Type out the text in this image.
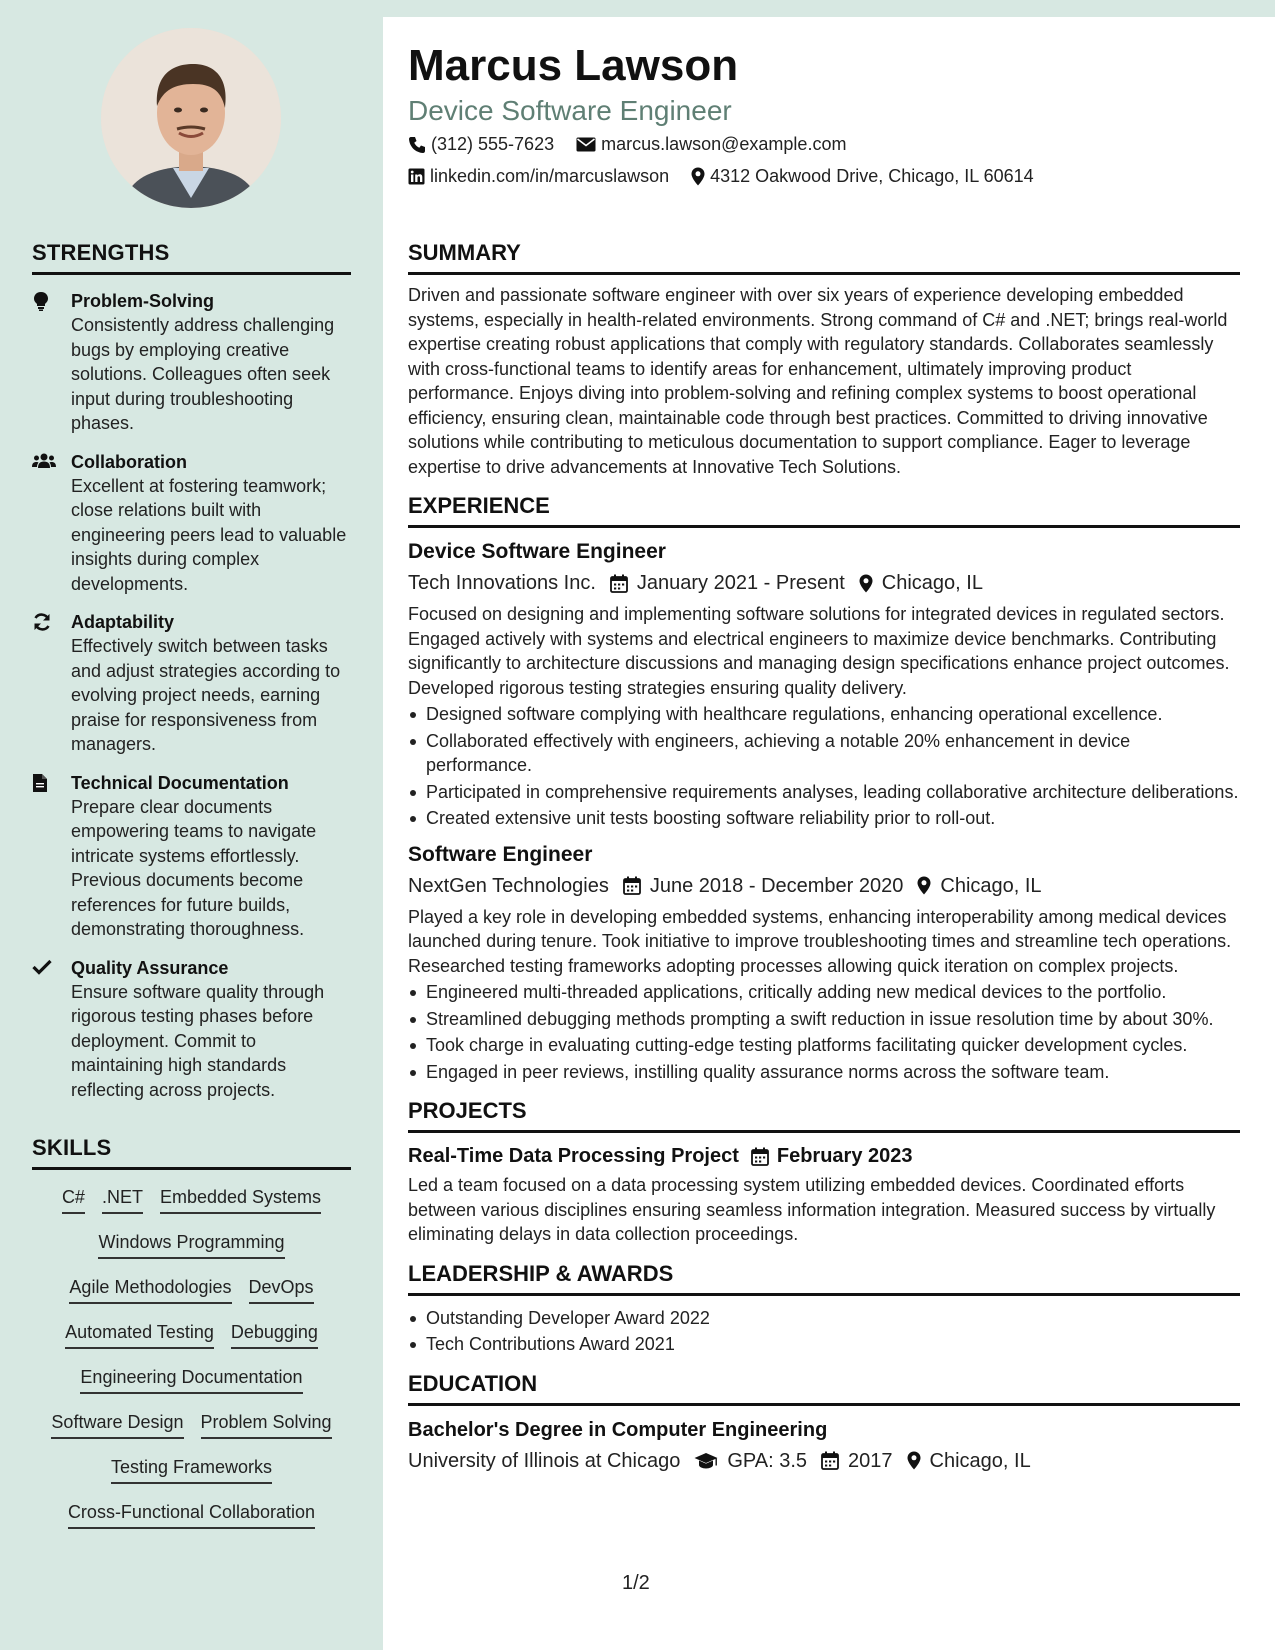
STRENGTHS
Problem-Solving
Consistently address challenging bugs by employing creative solutions. Colleagues often seek input during troubleshooting phases.
Collaboration
Excellent at fostering teamwork; close relations built with engineering peers lead to valuable insights during complex developments.
Adaptability
Effectively switch between tasks and adjust strategies according to evolving project needs, earning praise for responsiveness from managers.
Technical Documentation
Prepare clear documents empowering teams to navigate intricate systems effortlessly. Previous documents become references for future builds, demonstrating thoroughness.
Quality Assurance
Ensure software quality through rigorous testing phases before deployment. Commit to maintaining high standards reflecting across projects.
SKILLS
C# .NET Embedded Systems
Windows Programming
Agile Methodologies DevOps
Automated Testing Debugging
Engineering Documentation
Software Design Problem Solving
Testing Frameworks
Cross-Functional Collaboration
Marcus Lawson
Device Software Engineer
(312) 555-7623	marcus.lawson@example.com
linkedin.com/in/marcuslawson 4312 Oakwood Drive, Chicago, IL 60614
SUMMARY
Driven and passionate software engineer with over six years of experience developing embedded systems, especially in health-related environments. Strong command of C# and .NET; brings real-world expertise creating robust applications that comply with regulatory standards. Collaborates seamlessly with cross-functional teams to identify areas for enhancement, ultimately improving product performance. Enjoys diving into problem-solving and refining complex systems to boost operational efficiency, ensuring clean, maintainable code through best practices. Committed to driving innovative solutions while contributing to meticulous documentation to support compliance. Eager to leverage expertise to drive advancements at Innovative Tech Solutions.
EXPERIENCE
Device Software Engineer
Tech Innovations Inc. January 2021 - Present Chicago, IL
Focused on designing and implementing software solutions for integrated devices in regulated sectors. Engaged actively with systems and electrical engineers to maximize device benchmarks. Contributing significantly to architecture discussions and managing design specifications enhance project outcomes. Developed rigorous testing strategies ensuring quality delivery.
Designed software complying with healthcare regulations, enhancing operational excellence.
Collaborated effectively with engineers, achieving a notable 20% enhancement in device performance.
Participated in comprehensive requirements analyses, leading collaborative architecture deliberations.
Created extensive unit tests boosting software reliability prior to roll-out.
Software Engineer
NextGen Technologies June 2018 - December 2020 Chicago, IL
Played a key role in developing embedded systems, enhancing interoperability among medical devices launched during tenure. Took initiative to improve troubleshooting times and streamline tech operations. Researched testing frameworks adopting processes allowing quick iteration on complex projects.
Engineered multi-threaded applications, critically adding new medical devices to the portfolio.
Streamlined debugging methods prompting a swift reduction in issue resolution time by about 30%.
Took charge in evaluating cutting-edge testing platforms facilitating quicker development cycles.
Engaged in peer reviews, instilling quality assurance norms across the software team.
PROJECTS
Real-Time Data Processing Project February 2023
Led a team focused on a data processing system utilizing embedded devices. Coordinated efforts between various disciplines ensuring seamless information integration. Measured success by virtually eliminating delays in data collection proceedings.
LEADERSHIP & AWARDS
Outstanding Developer Award 2022
Tech Contributions Award 2021
EDUCATION
Bachelor's Degree in Computer Engineering
University of Illinois at Chicago GPA: 3.5 2017 Chicago, IL
1/2
